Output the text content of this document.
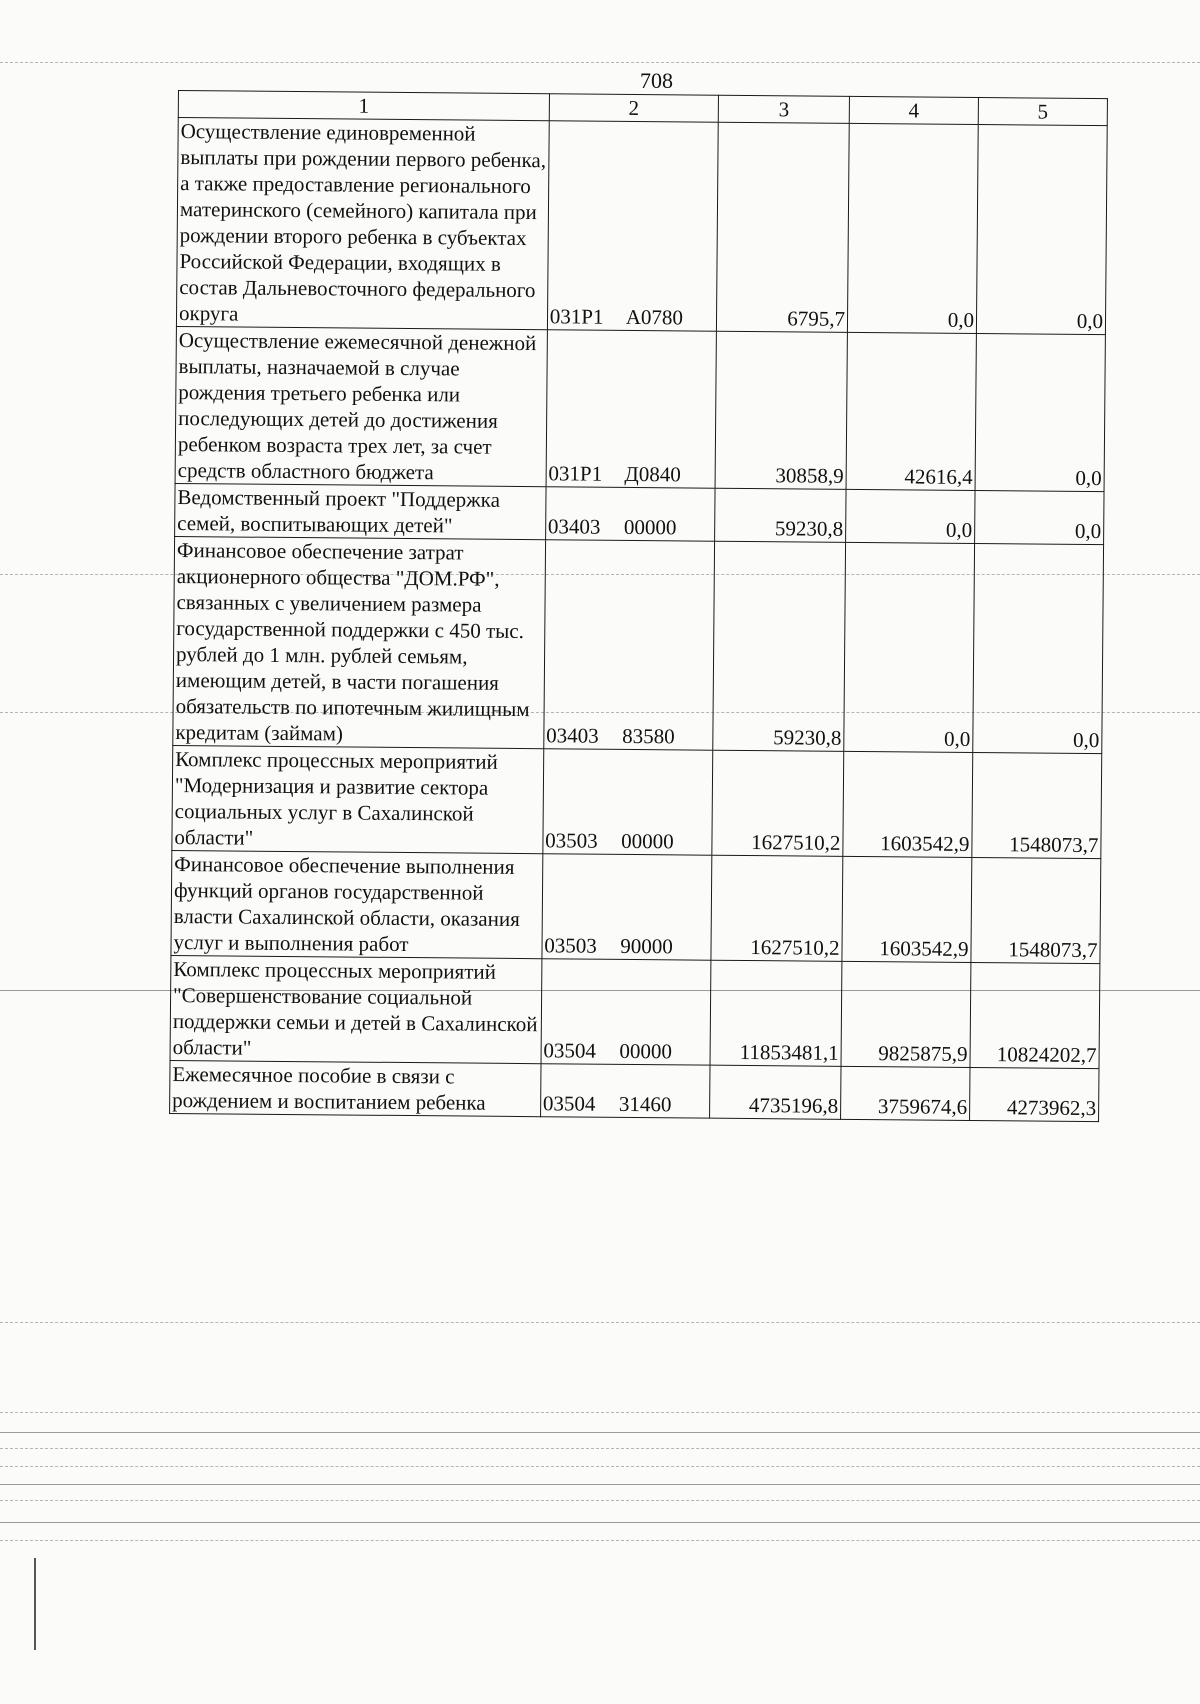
708
1	2	3	4	5
Осуществление единовременной выплаты при рождении первого ребенка, а также предоставление регионального материнского (семейного) капитала при рождении второго ребенка в субъектах Российской Федерации, входящих в состав Дальневосточного федерального округа	031P1 A0780	6795,7	0,0	0,0
Осуществление ежемесячной денежной выплаты, назначаемой в случае рождения третьего ребенка или последующих детей до достижения ребенком возраста трех лет, за счет средств областного бюджета	031P1 Д0840	30858,9	42616,4	0,0
Ведомственный проект "Поддержка семей, воспитывающих детей"	03403 00000	59230,8	0,0	0,0
Финансовое обеспечение затрат акционерного общества "ДОМ.РФ", связанных с увеличением размера государственной поддержки с 450 тыс. рублей до 1 млн. рублей семьям, имеющим детей, в части погашения обязательств по ипотечным жилищным кредитам (займам)	03403 83580	59230,8	0,0	0,0
Комплекс процессных мероприятий "Модернизация и развитие сектора социальных услуг в Сахалинской области"	03503 00000	1627510,2	1603542,9	1548073,7
Финансовое обеспечение выполнения функций органов государственной власти Сахалинской области, оказания услуг и выполнения работ	03503 90000	1627510,2	1603542,9	1548073,7
Комплекс процессных мероприятий "Совершенствование социальной поддержки семьи и детей в Сахалинской области"	03504 00000	11853481,1	9825875,9	10824202,7
Ежемесячное пособие в связи с рождением и воспитанием ребенка	03504 31460	4735196,8	3759674,6	4273962,3
